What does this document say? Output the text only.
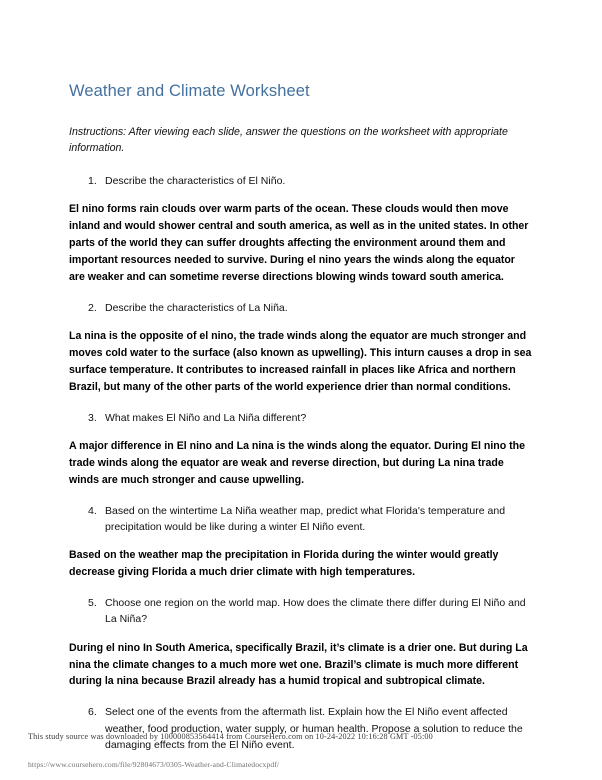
Weather and Climate Worksheet

Instructions: After viewing each slide, answer the questions on the worksheet with appropriate information.

1. Describe the characteristics of El Niño.

El nino forms rain clouds over warm parts of the ocean. These clouds would then move inland and would shower central and south america, as well as in the united states. In other parts of the world they can suffer droughts affecting the environment around them and important resources needed to survive. During el nino years the winds along the equator are weaker and can sometime reverse directions blowing winds toward south america.

2. Describe the characteristics of La Niña.

La nina is the opposite of el nino, the trade winds along the equator are much stronger and moves cold water to the surface (also known as upwelling). This inturn causes a drop in sea surface temperature. It contributes to increased rainfall in places like Africa and northern Brazil, but many of the other parts of the world experience drier than normal conditions.

3. What makes El Niño and La Niña different?

A major difference in El nino and La nina is the winds along the equator. During El nino the trade winds along the equator are weak and reverse direction, but during La nina trade winds are much stronger and cause upwelling.

4. Based on the wintertime La Niña weather map, predict what Florida's temperature and precipitation would be like during a winter El Niño event.

Based on the weather map the precipitation in Florida during the winter would greatly decrease giving Florida a much drier climate with high temperatures.

5. Choose one region on the world map. How does the climate there differ during El Niño and La Niña?

During el nino In South America, specifically Brazil, it’s climate is a drier one. But during La nina the climate changes to a much more wet one. Brazil’s climate is much more different during la nina because Brazil already has a humid tropical and subtropical climate.

6. Select one of the events from the aftermath list. Explain how the El Niño event affected weather, food production, water supply, or human health. Propose a solution to reduce the damaging effects from the El Niño event.
This study source was downloaded by 100000853564414 from CourseHero.com on 10-24-2022 10:16:28 GMT -05:00
https://www.coursehero.com/file/92804673/0305-Weather-and-Climatedocxpdf/
